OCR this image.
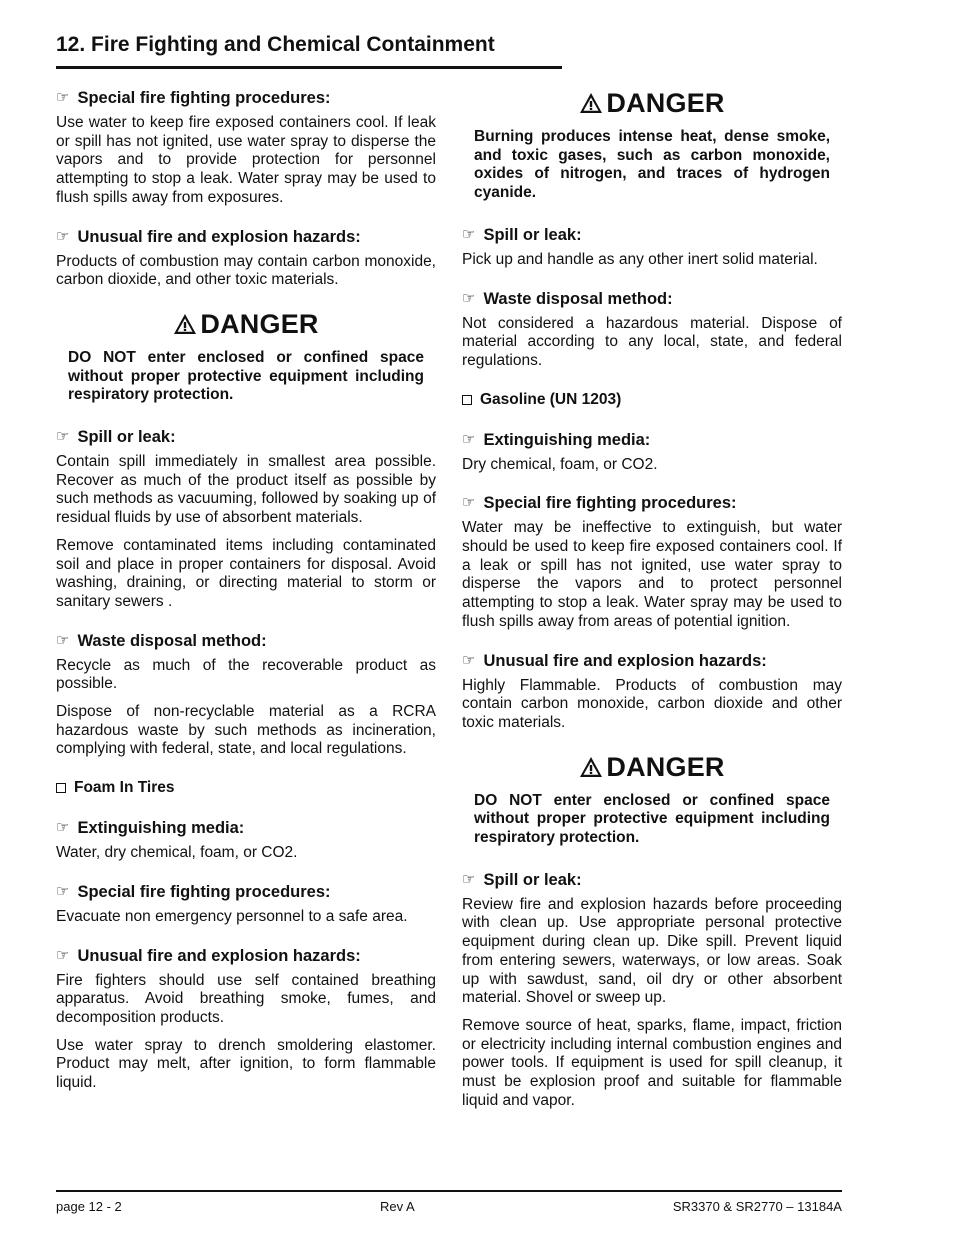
12. Fire Fighting and Chemical Containment
☞ Special fire fighting procedures:

Use water to keep fire exposed containers cool. If leak or spill has not ignited, use water spray to disperse the vapors and to provide protection for personnel attempting to stop a leak. Water spray may be used to flush spills away from exposures.

☞ Unusual fire and explosion hazards:

Products of combustion may contain carbon monoxide, carbon dioxide, and other toxic materials.

DANGER

DO NOT enter enclosed or confined space without proper protective equipment including respiratory protection.

☞ Spill or leak:

Contain spill immediately in smallest area possible. Recover as much of the product itself as possible by such methods as vacuuming, followed by soaking up of residual fluids by use of absorbent materials.

Remove contaminated items including contaminated soil and place in proper containers for disposal. Avoid washing, draining, or directing material to storm or sanitary sewers .

☞ Waste disposal method:

Recycle as much of the recoverable product as possible.

Dispose of non-recyclable material as a RCRA hazardous waste by such methods as incineration, complying with federal, state, and local regulations.

Foam In Tires
☞ Extinguishing media:

Water, dry chemical, foam, or CO2.

☞ Special fire fighting procedures:

Evacuate non emergency personnel to a safe area.

☞ Unusual fire and explosion hazards:

Fire fighters should use self contained breathing apparatus. Avoid breathing smoke, fumes, and decomposition products.

Use water spray to drench smoldering elastomer. Product may melt, after ignition, to form flammable liquid.

DANGER

Burning produces intense heat, dense smoke, and toxic gases, such as carbon monoxide, oxides of nitrogen, and traces of hydrogen cyanide.

☞ Spill or leak:

Pick up and handle as any other inert solid material.

☞ Waste disposal method:

Not considered a hazardous material. Dispose of material according to any local, state, and federal regulations.

Gasoline (UN 1203)
☞ Extinguishing media:

Dry chemical, foam, or CO2.

☞ Special fire fighting procedures:

Water may be ineffective to extinguish, but water should be used to keep fire exposed containers cool. If a leak or spill has not ignited, use water spray to disperse the vapors and to protect personnel attempting to stop a leak. Water spray may be used to flush spills away from areas of potential ignition.

☞ Unusual fire and explosion hazards:

Highly Flammable. Products of combustion may contain carbon monoxide, carbon dioxide and other toxic materials.

DANGER

DO NOT enter enclosed or confined space without proper protective equipment including respiratory protection.

☞ Spill or leak:

Review fire and explosion hazards before proceeding with clean up. Use appropriate personal protective equipment during clean up. Dike spill. Prevent liquid from entering sewers, waterways, or low areas. Soak up with sawdust, sand, oil dry or other absorbent material. Shovel or sweep up.

Remove source of heat, sparks, flame, impact, friction or electricity including internal combustion engines and power tools. If equipment is used for spill cleanup, it must be explosion proof and suitable for flammable liquid and vapor.

page 12 - 2	Rev A	SR3370 & SR2770 – 13184A
